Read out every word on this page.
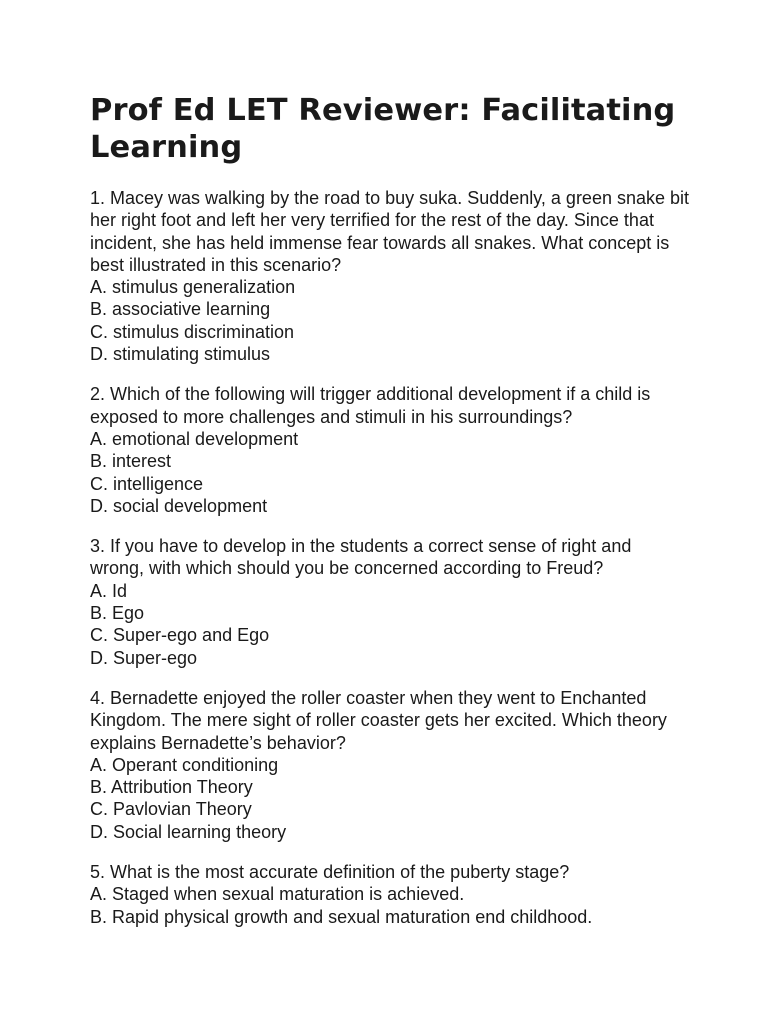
Prof Ed LET Reviewer: Facilitating Learning

1. Macey was walking by the road to buy suka. Suddenly, a green snake bit her right foot and left her very terrified for the rest of the day. Since that incident, she has held immense fear towards all snakes. What concept is best illustrated in this scenario?

A. stimulus generalization
B. associative learning
C. stimulus discrimination
D. stimulating stimulus

2. Which of the following will trigger additional development if a child is exposed to more challenges and stimuli in his surroundings?

A. emotional development
B. interest
C. intelligence
D. social development

3. If you have to develop in the students a correct sense of right and wrong, with which should you be concerned according to Freud?

A. Id
B. Ego
C. Super-ego and Ego
D. Super-ego

4. Bernadette enjoyed the roller coaster when they went to Enchanted Kingdom. The mere sight of roller coaster gets her excited. Which theory explains Bernadette’s behavior?

A. Operant conditioning
B. Attribution Theory
C. Pavlovian Theory
D. Social learning theory

5. What is the most accurate definition of the puberty stage?

A. Staged when sexual maturation is achieved.
B. Rapid physical growth and sexual maturation end childhood.
